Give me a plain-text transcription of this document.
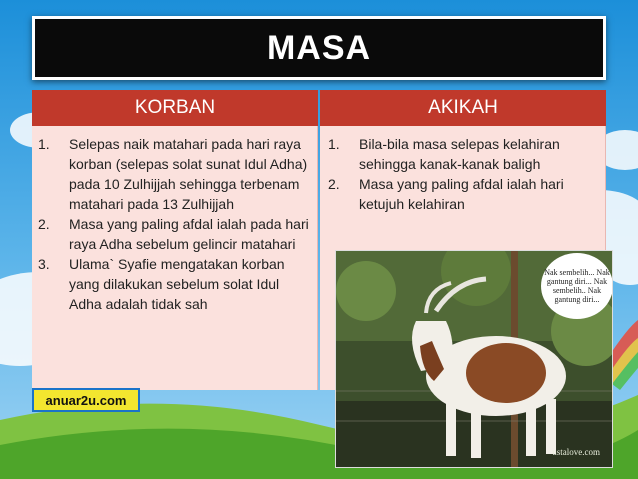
MASA
KORBAN	AKIKAH
1.	Selepas naik matahari pada hari raya korban (selepas solat sunat Idul Adha) pada 10 Zulhijjah sehingga terbenam matahari pada 13 Zulhijjah
2.	Masa yang paling afdal ialah pada hari raya Adha sebelum gelincir matahari
3.	Ulama` Syafie mengatakan korban yang dilakukan sebelum solat Idul Adha adalah tidak sah
1.	Bila-bila masa selepas kelahiran sehingga kanak-kanak baligh
2.	Masa yang paling afdal ialah hari ketujuh kelahiran
Nak sembelih... Nak gantung diri... Nak sembelih.. Nak gantung diri...
ustalove.com
anuar2u.com
